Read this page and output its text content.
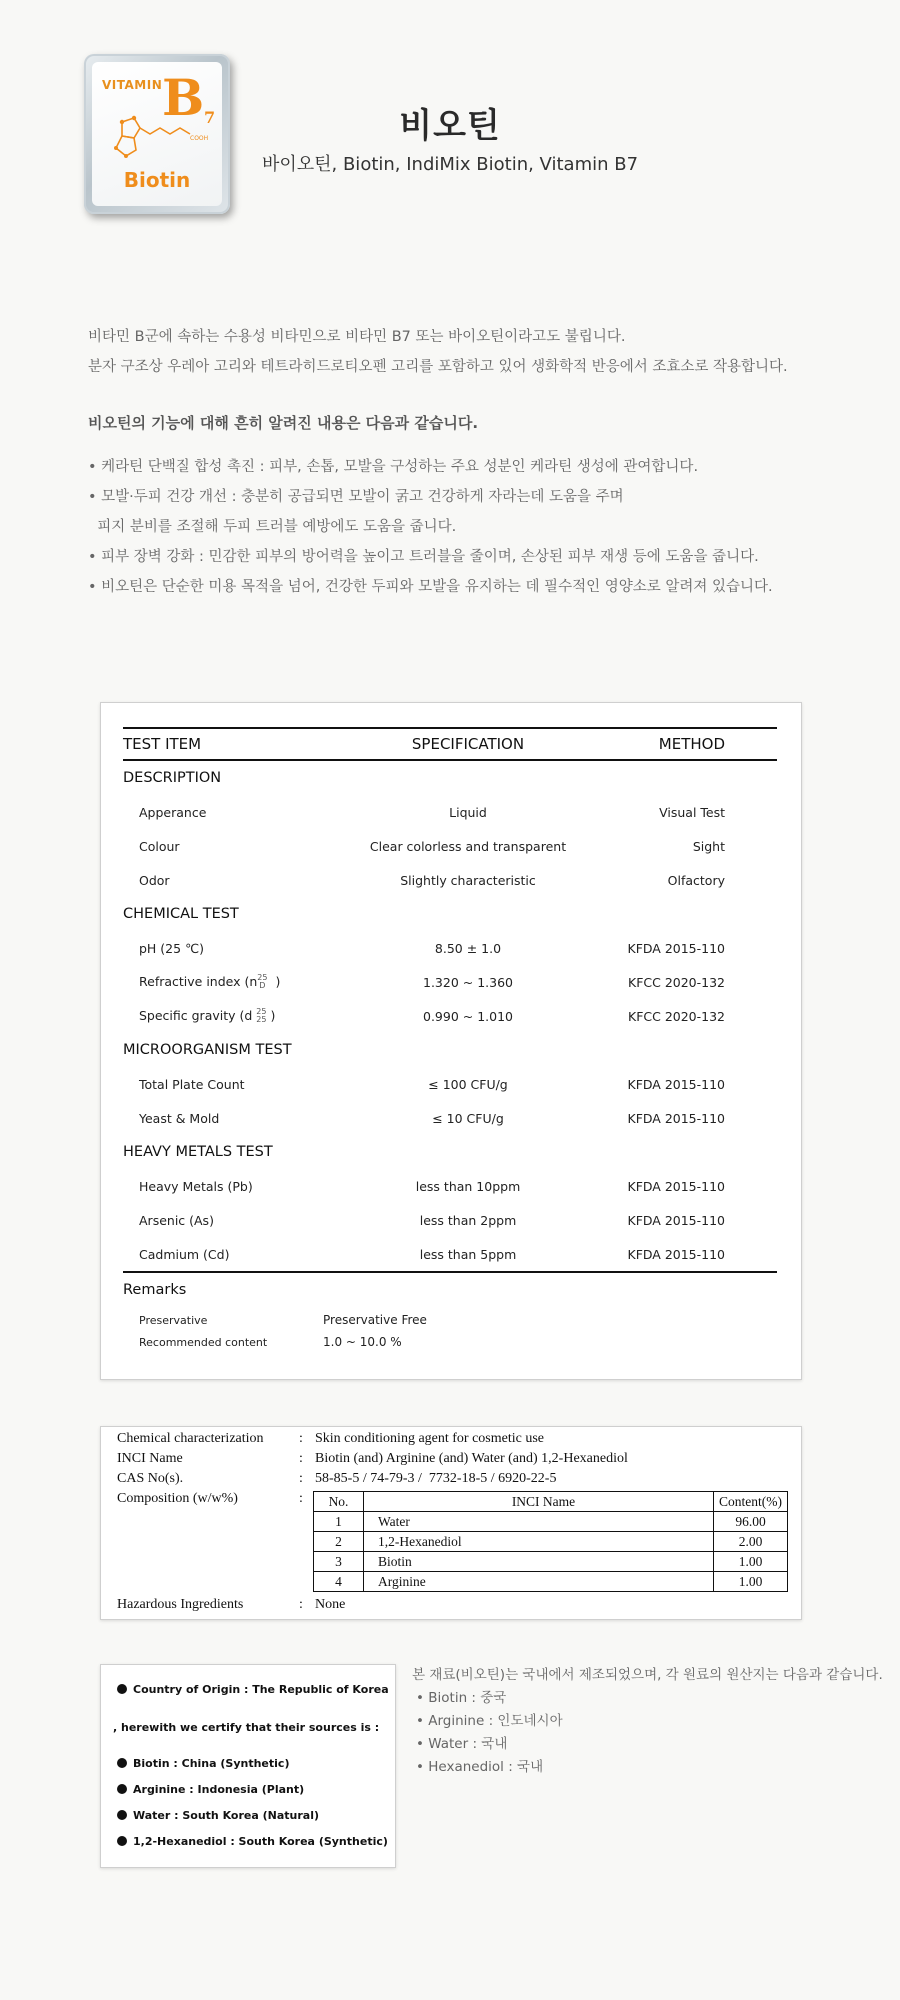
VITAMIN B 7
COOH
Biotin
비오틴
바이오틴, Biotin, IndiMix Biotin, Vitamin B7

비타민 B군에 속하는 수용성 비타민으로 비타민 B7 또는 바이오틴이라고도 불립니다.

분자 구조상 우레아 고리와 테트라히드로티오펜 고리를 포함하고 있어 생화학적 반응에서 조효소로 작용합니다.

비오틴의 기능에 대해 흔히 알려진 내용은 다음과 같습니다.
• 케라틴 단백질 합성 촉진 : 피부, 손톱, 모발을 구성하는 주요 성분인 케라틴 생성에 관여합니다.
• 모발·두피 건강 개선 : 충분히 공급되면 모발이 굵고 건강하게 자라는데 도움을 주며
피지 분비를 조절해 두피 트러블 예방에도 도움을 줍니다.
• 피부 장벽 강화 : 민감한 피부의 방어력을 높이고 트러블을 줄이며, 손상된 피부 재생 등에 도움을 줍니다.
• 비오틴은 단순한 미용 목적을 넘어, 건강한 두피와 모발을 유지하는 데 필수적인 영양소로 알려져 있습니다.
TEST ITEM	SPECIFICATION	METHOD
DESCRIPTION
Apperance	Liquid	Visual Test
Colour	Clear colorless and transparent	Sight
Odor	Slightly characteristic	Olfactory
CHEMICAL TEST
pH (25 ℃)	8.50 ± 1.0	KFDA 2015-110
Refractive index (n25
D )	1.320 ~ 1.360	KFCC 2020-132
Specific gravity (d 25
25 )	0.990 ~ 1.010	KFCC 2020-132
MICROORGANISM TEST
Total Plate Count	≤ 100 CFU/g	KFDA 2015-110
Yeast & Mold	≤ 10 CFU/g	KFDA 2015-110
HEAVY METALS TEST
Heavy Metals (Pb)	less than 10ppm	KFDA 2015-110
Arsenic (As)	less than 2ppm	KFDA 2015-110
Cadmium (Cd)	less than 5ppm	KFDA 2015-110
Remarks
Preservative	Preservative Free
Recommended content	1.0 ~ 10.0 %
Chemical characterization	: Skin conditioning agent for cosmetic use
INCI Name	: Biotin (and) Arginine (and) Water (and) 1,2-Hexanediol
CAS No(s).	: 58-85-5 / 74-79-3 /  7732-18-5 / 6920-22-5
Composition (w/w%)	:	No.	INCI Name	Content(%)
1	Water	96.00
2	1,2-Hexanediol	2.00
3	Biotin	1.00
4	Arginine	1.00
Hazardous Ingredients	: None
Country of Origin : The Republic of Korea
, herewith we certify that their sources is :
Biotin : China (Synthetic)
Arginine : Indonesia (Plant)
Water : South Korea (Natural)
1,2-Hexanediol : South Korea (Synthetic)
본 재료(비오틴)는 국내에서 제조되었으며, 각 원료의 원산지는 다음과 같습니다.
• Biotin : 중국
• Arginine : 인도네시아
• Water : 국내
• Hexanediol : 국내
